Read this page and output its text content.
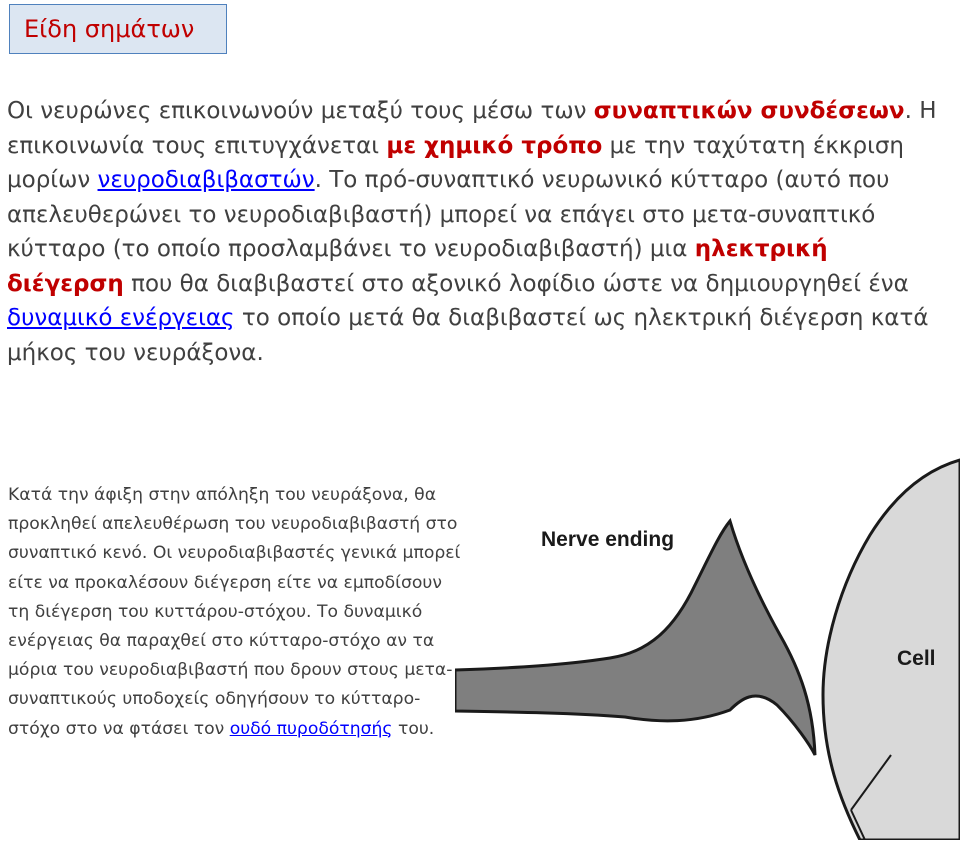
Είδη σημάτων

Οι νευρώνες επικοινωνούν μεταξύ τους μέσω των συναπτικών συνδέσεων. Η επικοινωνία τους επιτυγχάνεται με χημικό τρόπο με την ταχύτατη έκκριση μορίων νευροδιαβιβαστών. Το πρό-συναπτικό νευρωνικό κύτταρο (αυτό που απελευθερώνει το νευροδιαβιβαστή) μπορεί να επάγει στο μετα-συναπτικό κύτταρο (το οποίο προσλαμβάνει το νευροδιαβιβαστή) μια ηλεκτρική διέγερση που θα διαβιβαστεί στο αξονικό λοφίδιο ώστε να δημιουργηθεί ένα δυναμικό ενέργειας το οποίο μετά θα διαβιβαστεί ως ηλεκτρική διέγερση κατά μήκος του νευράξονα.

Κατά την άφιξη στην απόληξη του νευράξονα, θα προκληθεί απελευθέρωση του νευροδιαβιβαστή στο συναπτικό κενό. Οι νευροδιαβιβαστές γενικά μπορεί είτε να προκαλέσουν διέγερση είτε να εμποδίσουν τη διέγερση του κυττάρου-στόχου. Το δυναμικό ενέργειας θα παραχθεί στο κύτταρο-στόχο αν τα μόρια του νευροδιαβιβαστή που δρουν στους μετα-συναπτικούς υποδοχείς οδηγήσουν το κύτταρο-στόχο στο να φτάσει τον ουδό πυροδότησής του.

Nerve ending
Cell
